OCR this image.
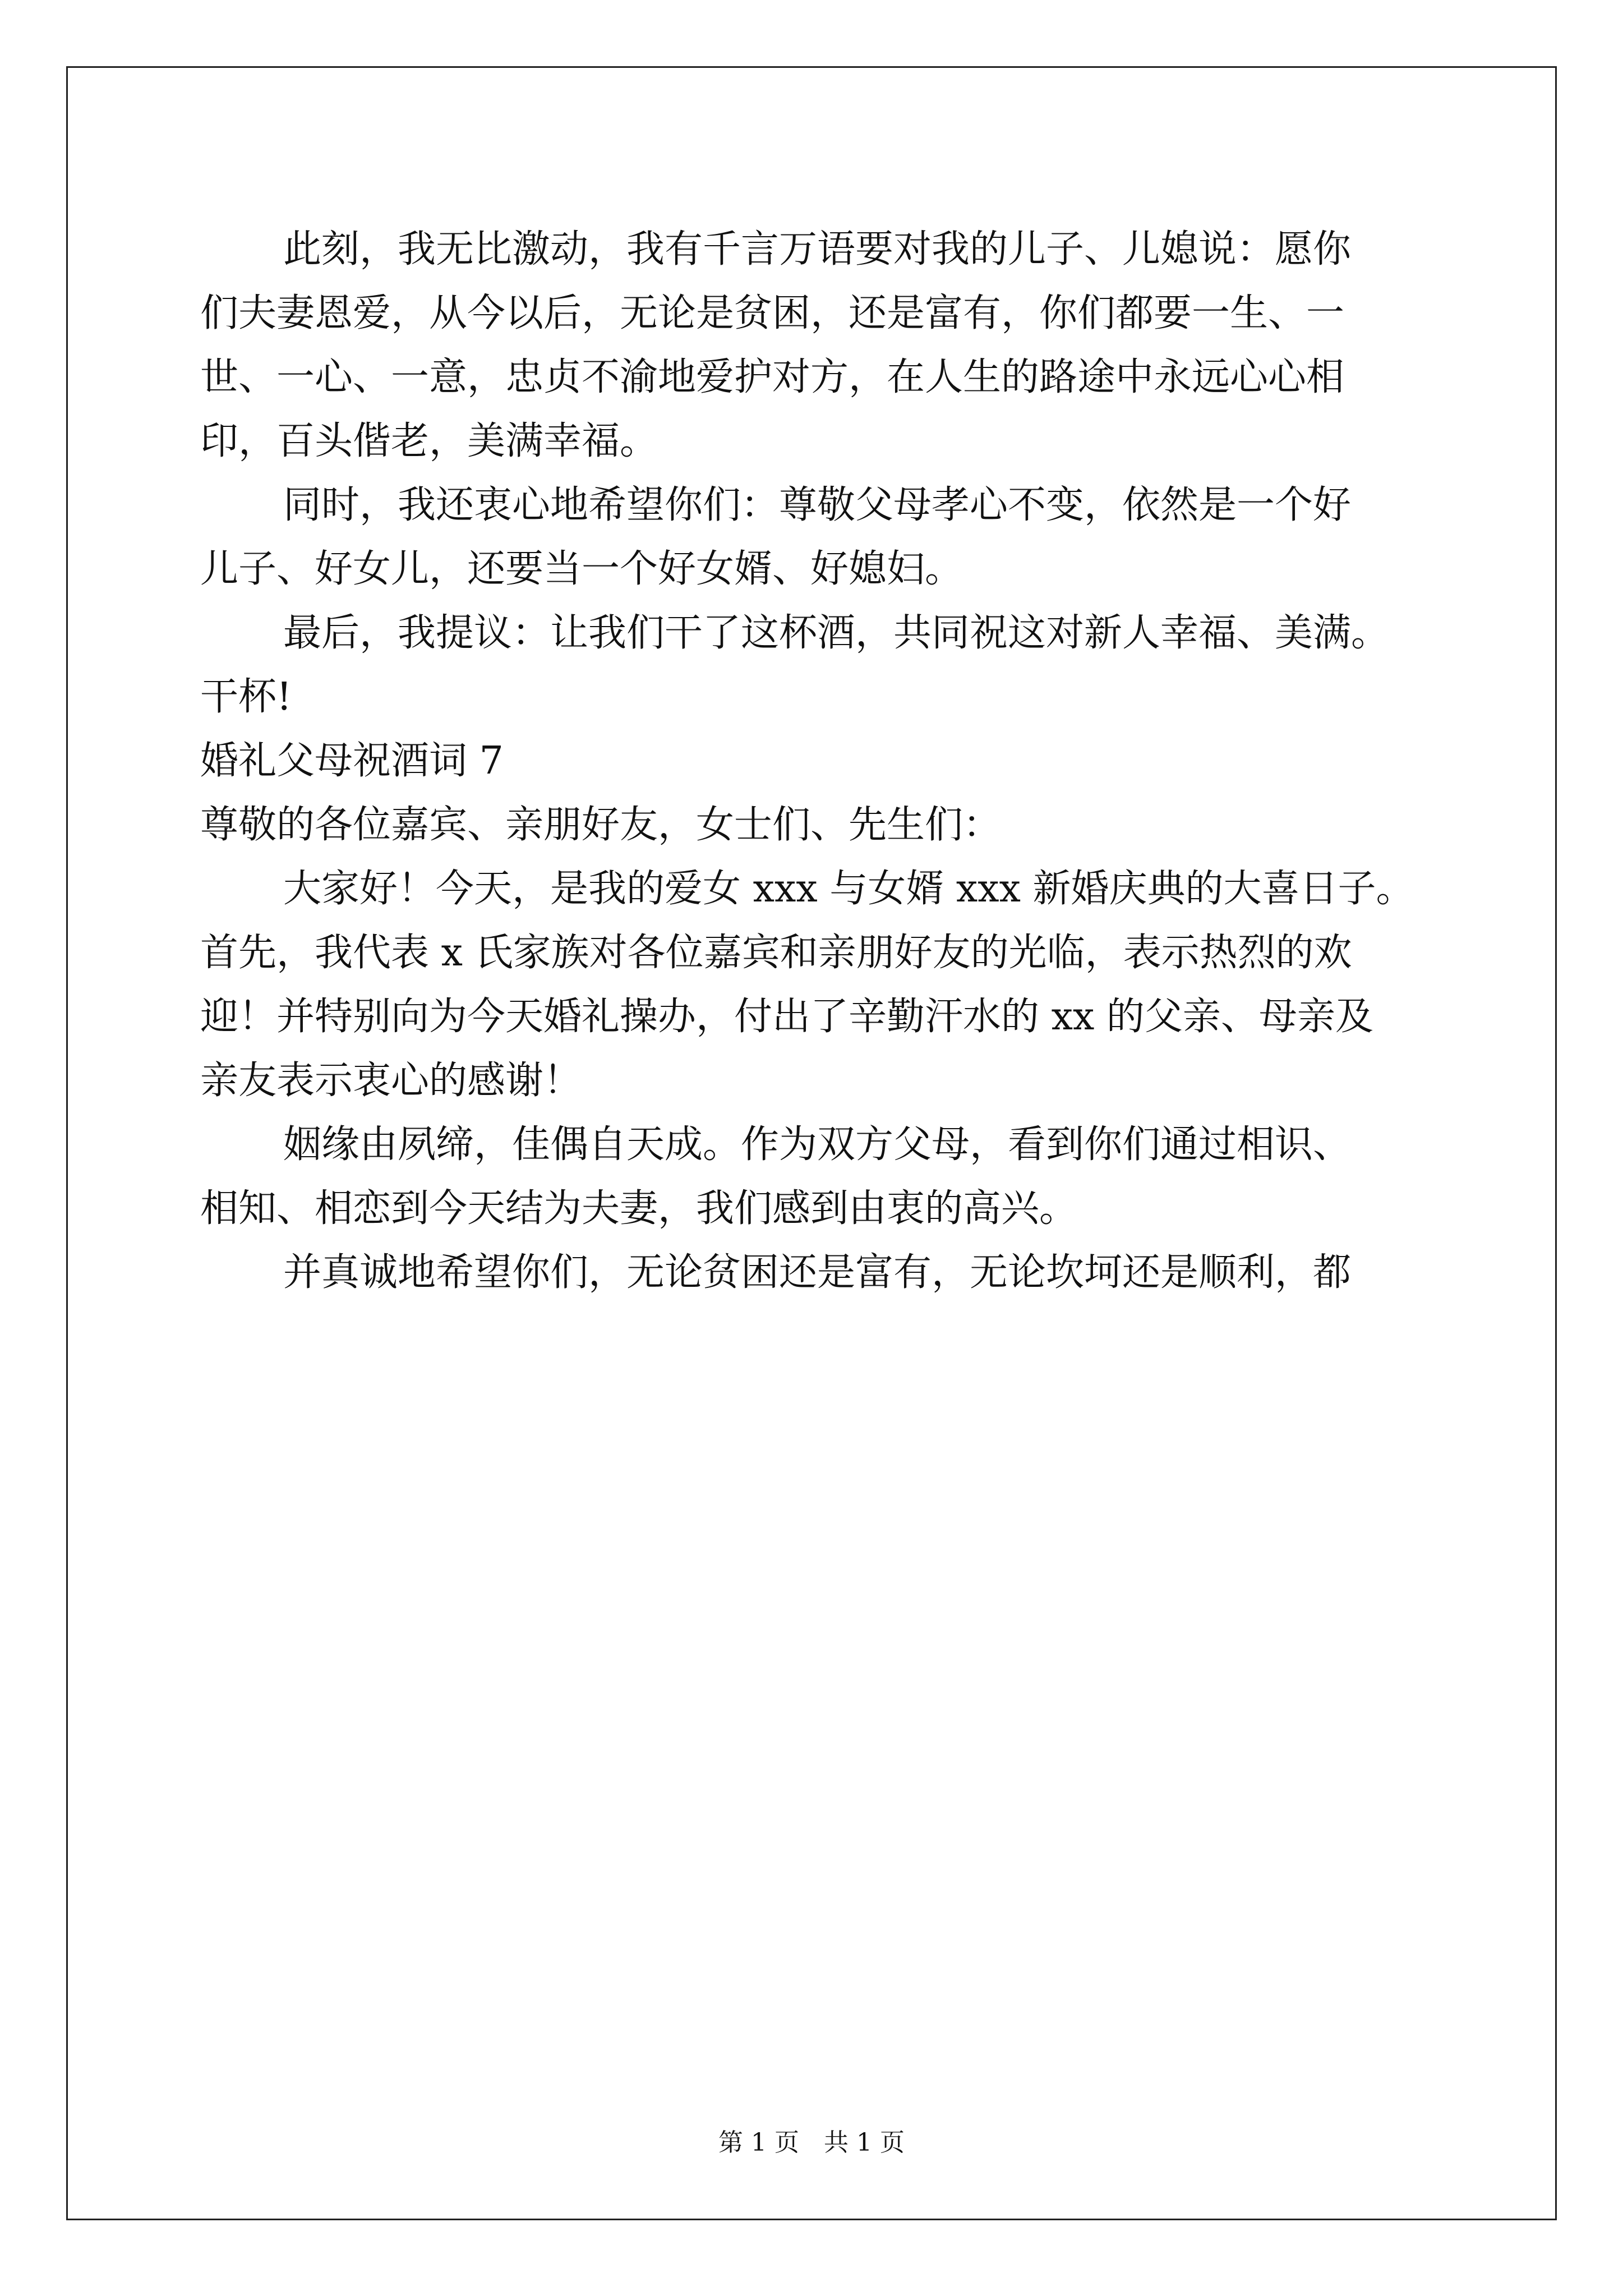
此刻，我无比激动，我有千言万语要对我的儿子、儿媳说：愿你
们夫妻恩爱，从今以后，无论是贫困，还是富有，你们都要一生、一
世、一心、一意，忠贞不渝地爱护对方，在人生的路途中永远心心相
印，百头偕老，美满幸福。
同时，我还衷心地希望你们：尊敬父母孝心不变，依然是一个好
儿子、好女儿，还要当一个好女婿、好媳妇。
最后，我提议：让我们干了这杯酒，共同祝这对新人幸福、美满。
干杯!
婚礼父母祝酒词 7
尊敬的各位嘉宾、亲朋好友，女士们、先生们：
大家好！今天，是我的爱女 xxx 与女婿 xxx 新婚庆典的大喜日子。
首先，我代表 x 氏家族对各位嘉宾和亲朋好友的光临，表示热烈的欢
迎！并特别向为今天婚礼操办，付出了辛勤汗水的 xx 的父亲、母亲及
亲友表示衷心的感谢！
姻缘由夙缔，佳偶自天成。作为双方父母，看到你们通过相识、
相知、相恋到今天结为夫妻，我们感到由衷的高兴。
并真诚地希望你们，无论贫困还是富有，无论坎坷还是顺利，都
第 1 页　共 1 页
